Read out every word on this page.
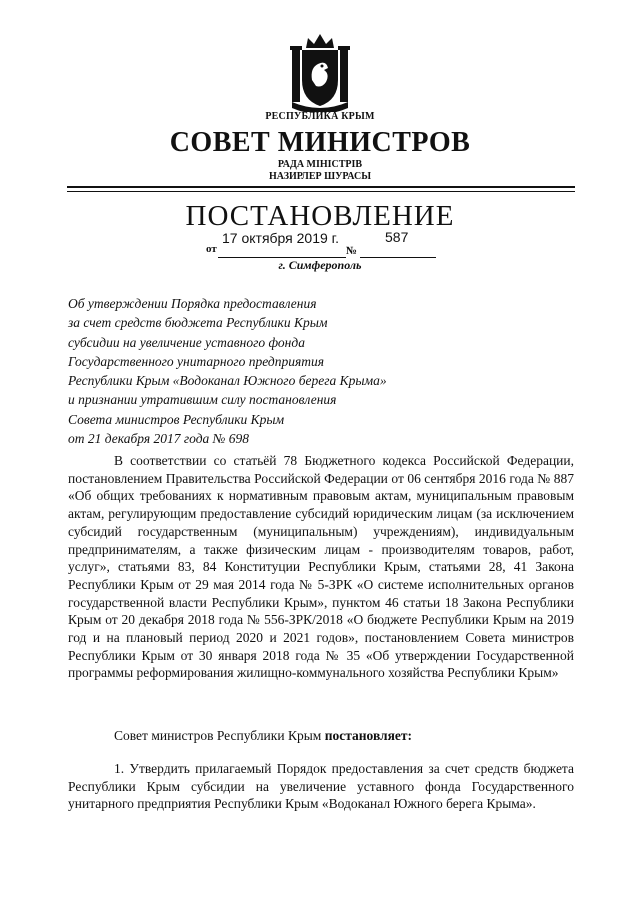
РЕСПУБЛИКА КРЫМ
СОВЕТ МИНИСТРОВ
РАДА МІНІСТРІВ
НАЗИРЛЕР ШУРАСЫ
ПОСТАНОВЛЕНИЕ
17 октября 2019 г.	587
от	№
г. Симферополь
Об утверждении Порядка предоставления
за счет средств бюджета Республики Крым
субсидии на увеличение уставного фонда
Государственного унитарного предприятия
Республики Крым «Водоканал Южного берега Крыма»
и признании утратившим силу постановления
Совета министров Республики Крым
от 21 декабря 2017 года № 698
В соответствии со статьёй 78 Бюджетного кодекса Российской Федерации, постановлением Правительства Российской Федерации от 06 сентября 2016 года № 887 «Об общих требованиях к нормативным правовым актам, муниципальным правовым актам, регулирующим предоставление субсидий юридическим лицам (за исключением субсидий государственным (муниципальным) учреждениям), индивидуальным предпринимателям, а также физическим лицам - производителям товаров, работ, услуг», статьями 83, 84 Конституции Республики Крым, статьями 28, 41 Закона Республики Крым от 29 мая 2014 года № 5-ЗРК «О системе исполнительных органов государственной власти Республики Крым», пунктом 46 статьи 18 Закона Республики Крым от 20 декабря 2018 года № 556-ЗРК/2018 «О бюджете Республики Крым на 2019 год и на плановый период 2020 и 2021 годов», постановлением Совета министров Республики Крым от 30 января 2018 года № 35 «Об утверждении Государственной программы реформирования жилищно-коммунального хозяйства Республики Крым»
Совет министров Республики Крым постановляет:
1. Утвердить прилагаемый Порядок предоставления за счет средств бюджета Республики Крым субсидии на увеличение уставного фонда Государственного унитарного предприятия Республики Крым «Водоканал Южного берега Крыма».
